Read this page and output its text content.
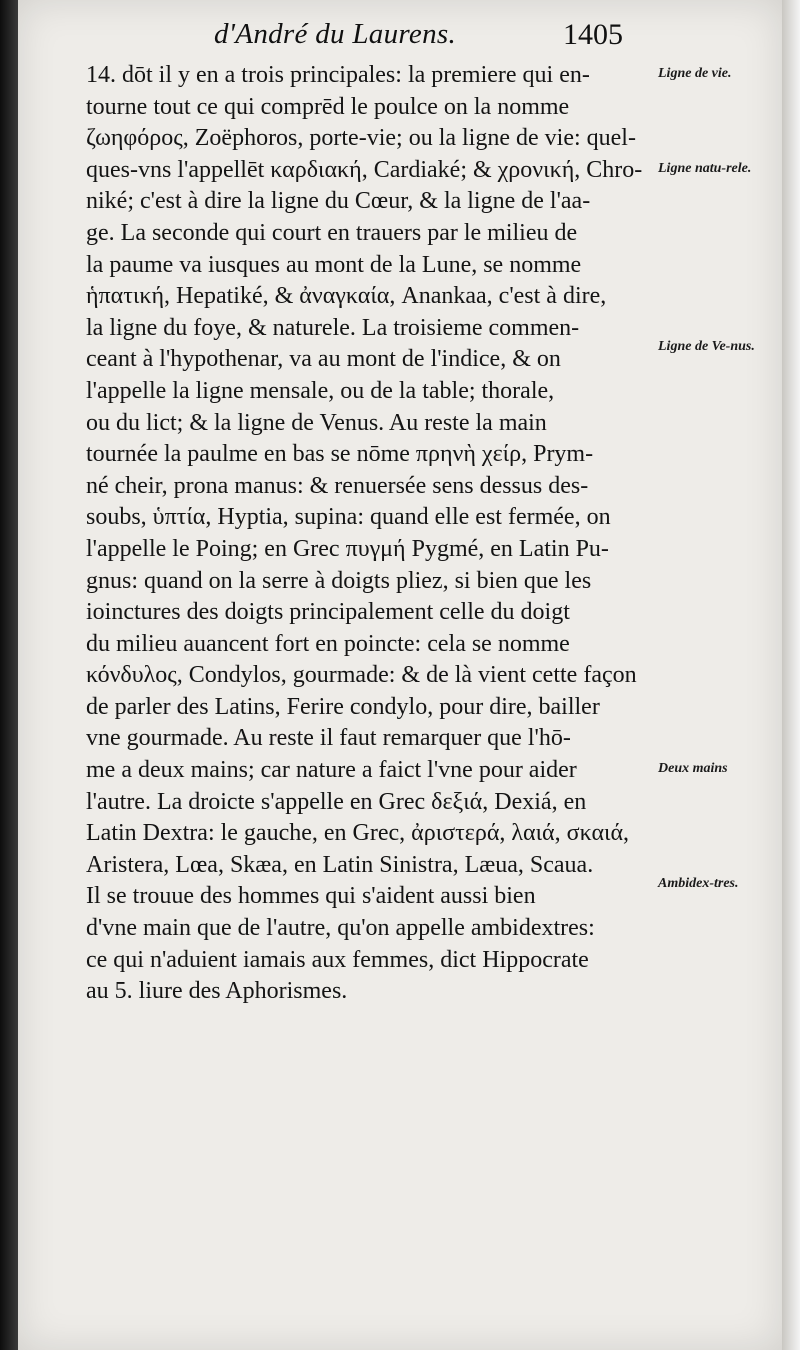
d'André du Laurens.	1405
14. dōt il y en a trois principales: la premiere qui en-
tourne tout ce qui comprēd le poulce on la nomme
ζωηφόρος, Zoëphoros, porte-vie; ou la ligne de vie: quel-
ques-vns l'appellēt καρδιακή, Cardiaké; & χρονική, Chro-
niké; c'est à dire la ligne du Cœur, & la ligne de l'aa-
ge. La seconde qui court en trauers par le milieu de
la paume va iusques au mont de la Lune, se nomme
ἡπατική, Hepatiké, & ἀναγκαία, Anankaa, c'est à dire,
la ligne du foye, & naturele. La troisieme commen-
ceant à l'hypothenar, va au mont de l'indice, & on
l'appelle la ligne mensale, ou de la table; thorale,
ou du lict; & la ligne de Venus. Au reste la main
tournée la paulme en bas se nōme πρηνὴ χείρ, Prym-
né cheir, prona manus: & renuersée sens dessus des-
soubs, ὑπτία, Hyptia, supina: quand elle est fermée, on
l'appelle le Poing; en Grec πυγμή Pygmé, en Latin Pu-
gnus: quand on la serre à doigts pliez, si bien que les
ioinctures des doigts principalement celle du doigt
du milieu auancent fort en poincte: cela se nomme
κόνδυλος, Condylos, gourmade: & de là vient cette façon
de parler des Latins, Ferire condylo, pour dire, bailler
vne gourmade. Au reste il faut remarquer que l'hō-
me a deux mains; car nature a faict l'vne pour aider
l'autre. La droicte s'appelle en Grec δεξιά, Dexiá, en
Latin Dextra: le gauche, en Grec, ἀριστερά, λαιά, σκαιά,
Aristera, Lœa, Skæa, en Latin Sinistra, Læua, Scaua.
Il se trouue des hommes qui s'aident aussi bien
d'vne main que de l'autre, qu'on appelle ambidextres:
ce qui n'aduient iamais aux femmes, dict Hippocrate
au 5. liure des Aphorismes.
Ligne de vie.
Ligne natu-rele.
Ligne de Ve-nus.
Deux mains
Ambidex-tres.
